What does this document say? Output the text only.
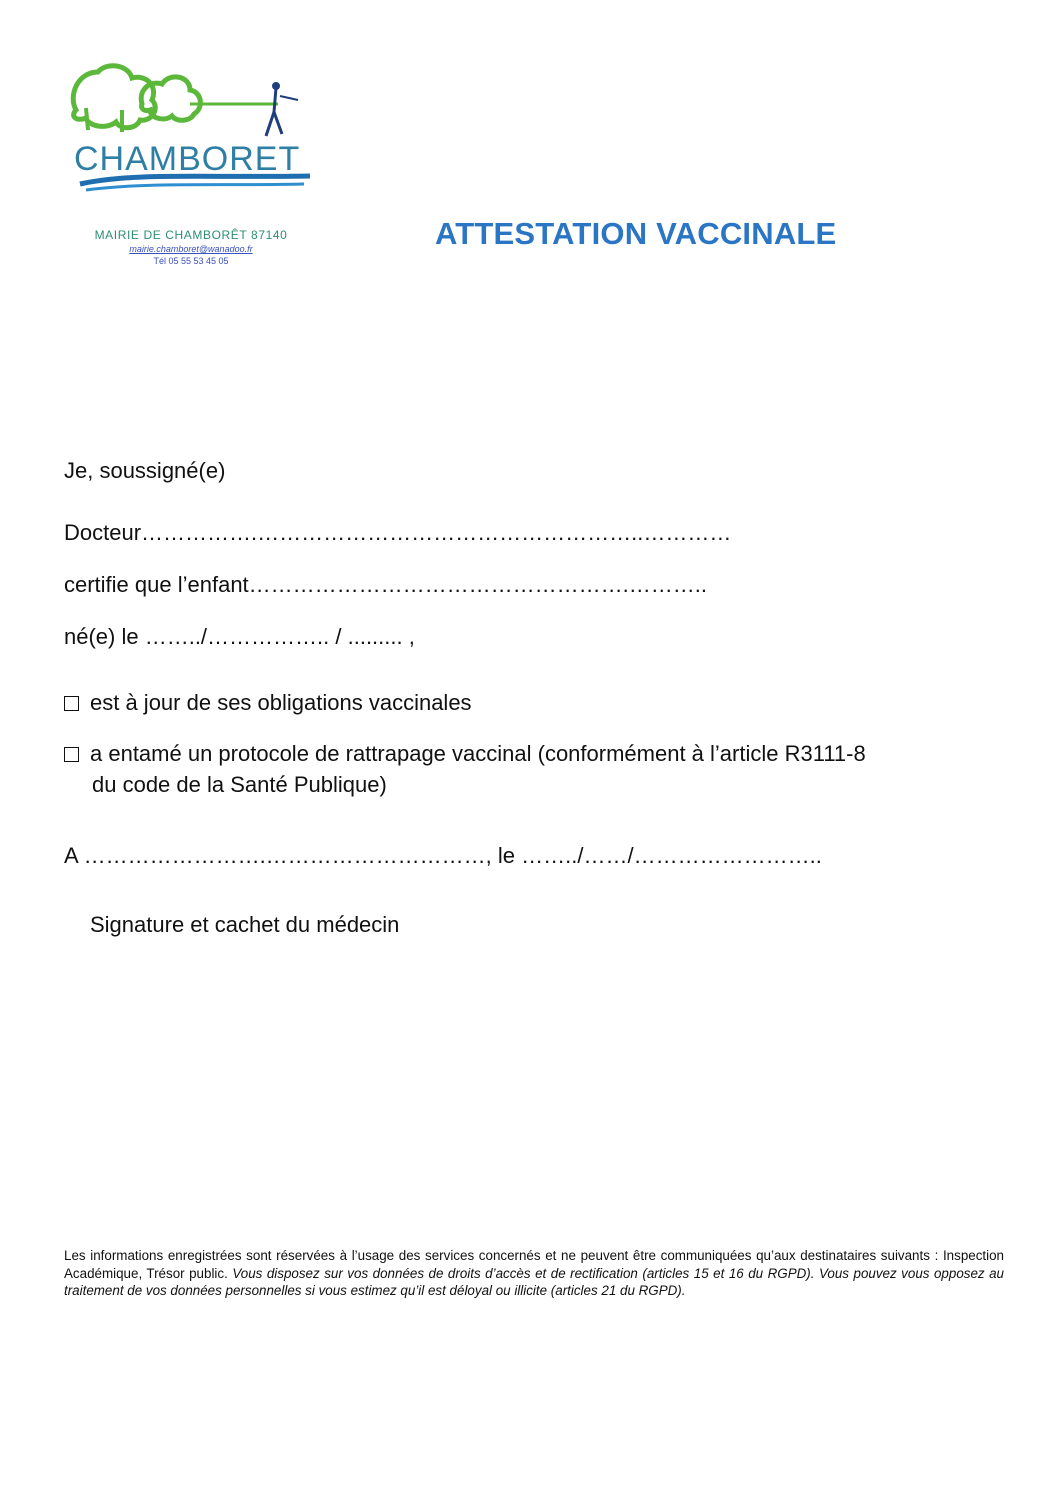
CHAMBORET
MAIRIE DE CHAMBORÊT 87140
mairie.chamboret@wanadoo.fr
Tél 05 55 53 45 05
ATTESTATION VACCINALE
Je, soussigné(e)
Docteur…………….……………………………………………..…………
certifie que l’enfant…………………………………………….………..
né(e) le ……../…………….. / ......... ,
est à jour de ses obligations vaccinales
a entamé un protocole de rattrapage vaccinal (conformément à l’article R3111-8
du code de la Santé Publique)
A …………………….…………………………, le ……../……/……………………..
Signature et cachet du médecin
Les informations enregistrées sont réservées à l’usage des services concernés et ne peuvent être communiquées qu’aux destinataires suivants : Inspection Académique, Trésor public. Vous disposez sur vos données de droits d’accès et de rectification (articles 15 et 16 du RGPD). Vous pouvez vous opposez au traitement de vos données personnelles si vous estimez qu’il est déloyal ou illicite (articles 21 du RGPD).
